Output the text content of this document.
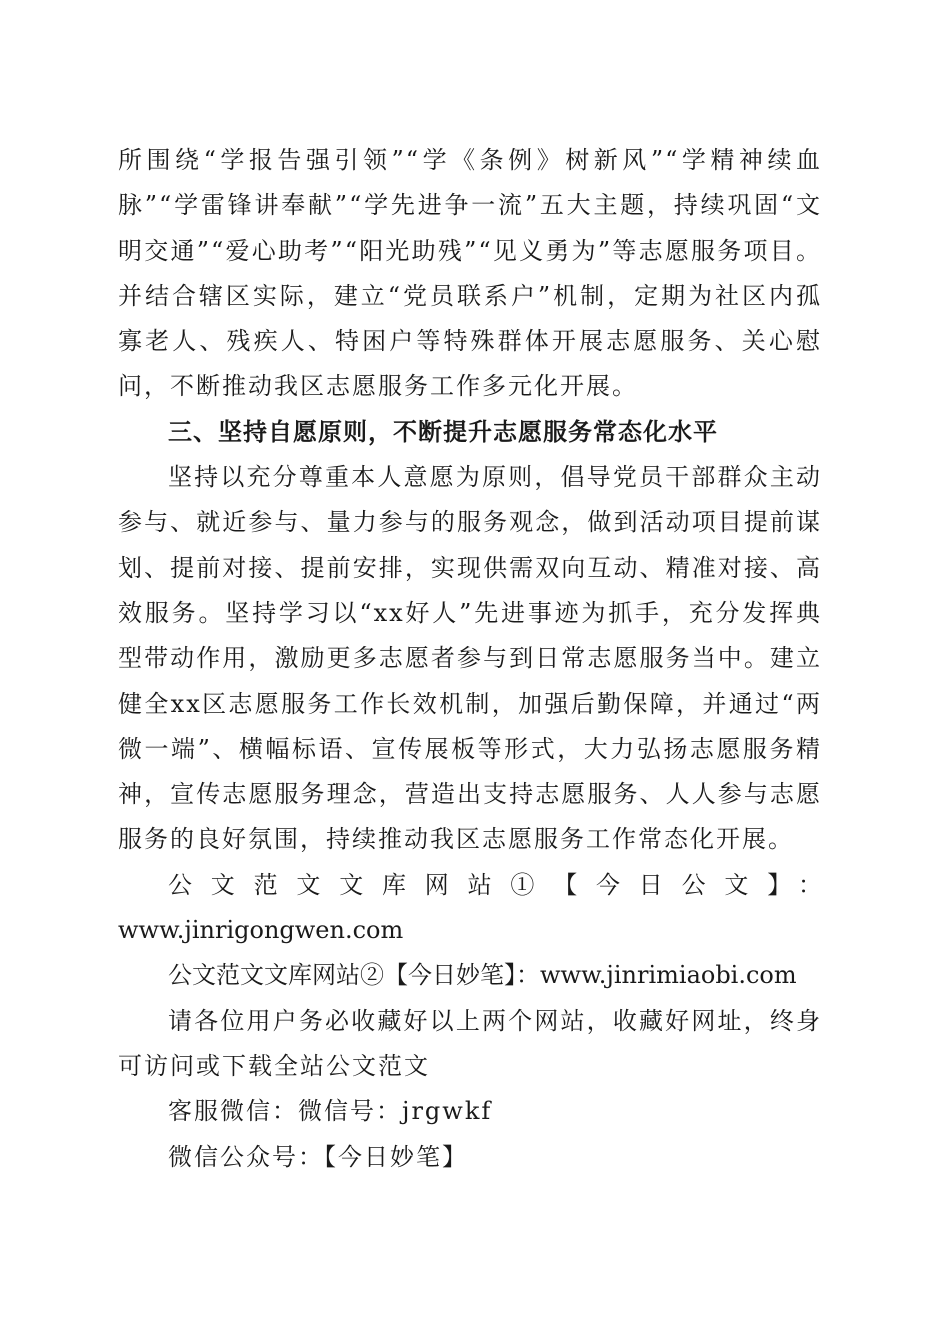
所围绕“学报告强引领”“学《条例》树新风”“学精神续血脉”“学雷锋讲奉献”“学先进争一流”五大主题，持续巩固“文明交通”“爱心助考”“阳光助残”“见义勇为”等志愿服务项目。并结合辖区实际，建立“党员联系户”机制，定期为社区内孤寡老人、残疾人、特困户等特殊群体开展志愿服务、关心慰问，不断推动我区志愿服务工作多元化开展。

三、坚持自愿原则，不断提升志愿服务常态化水平

坚持以充分尊重本人意愿为原则，倡导党员干部群众主动参与、就近参与、量力参与的服务观念，做到活动项目提前谋划、提前对接、提前安排，实现供需双向互动、精准对接、高效服务。坚持学习以“xx好人”先进事迹为抓手，充分发挥典型带动作用，激励更多志愿者参与到日常志愿服务当中。建立健全xx区志愿服务工作长效机制，加强后勤保障，并通过“两微一端”、横幅标语、宣传展板等形式，大力弘扬志愿服务精神，宣传志愿服务理念，营造出支持志愿服务、人人参与志愿服务的良好氛围，持续推动我区志愿服务工作常态化开展。

公文范文文库网站①【今日公文】：

www.jinrigongwen.com

公文范文文库网站②【今日妙笔】：www.jinrimiaobi.com

请各位用户务必收藏好以上两个网站，收藏好网址，终身可访问或下载全站公文范文

客服微信：微信号：jrgwkf

微信公众号：【今日妙笔】
